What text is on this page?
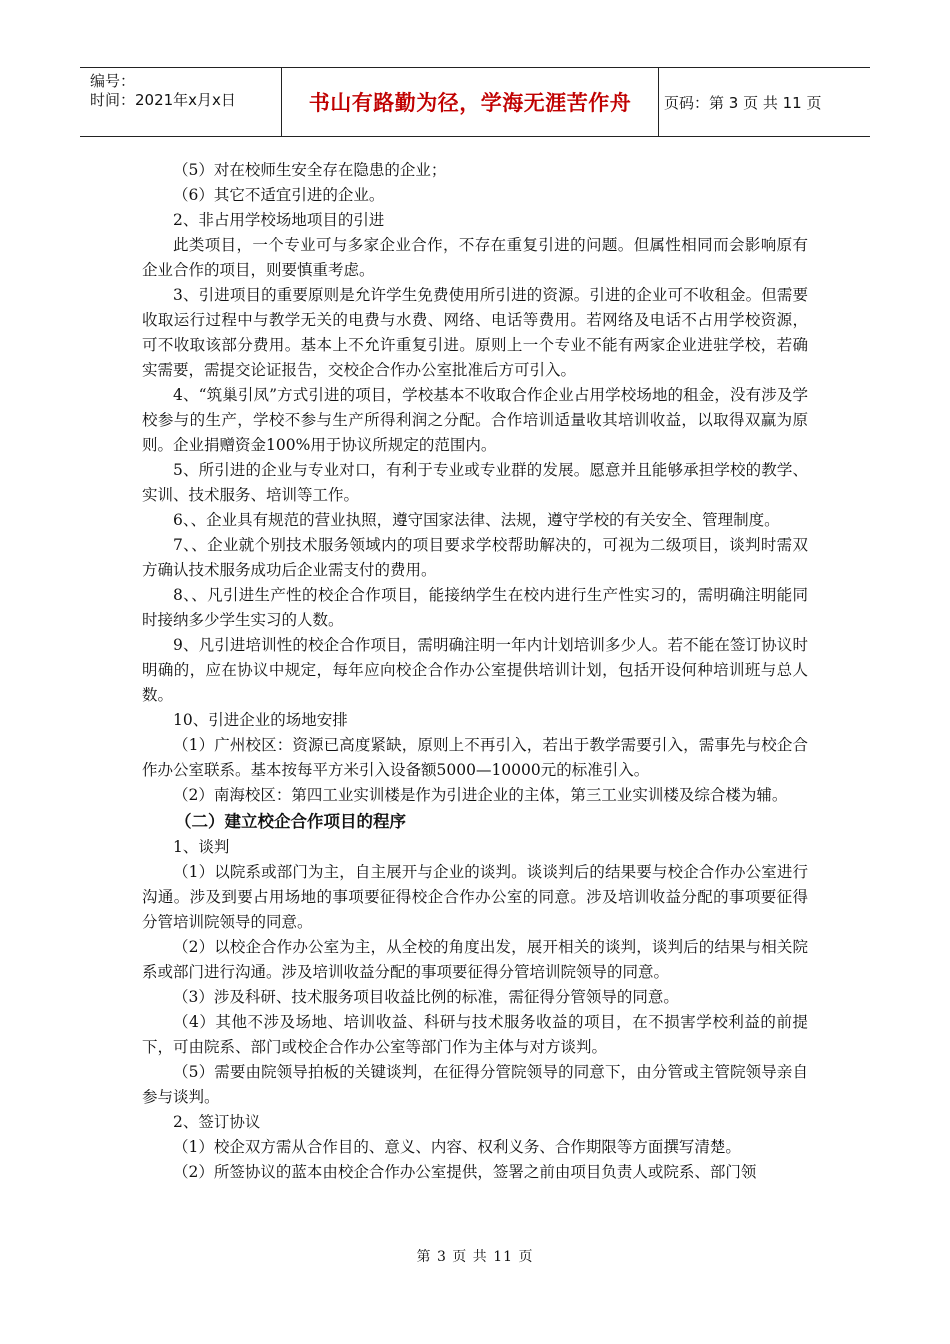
编号：
时间：2021年x月x日	书山有路勤为径，学海无涯苦作舟 页码：第 3 页 共 11 页

（5）对在校师生安全存在隐患的企业；

（6）其它不适宜引进的企业。

2、非占用学校场地项目的引进

此类项目，一个专业可与多家企业合作，不存在重复引进的问题。但属性相同而会影响原有企业合作的项目，则要慎重考虑。

3、引进项目的重要原则是允许学生免费使用所引进的资源。引进的企业可不收租金。但需要收取运行过程中与教学无关的电费与水费、网络、电话等费用。若网络及电话不占用学校资源，可不收取该部分费用。基本上不允许重复引进。原则上一个专业不能有两家企业进驻学校，若确实需要，需提交论证报告，交校企合作办公室批准后方可引入。

4、“筑巢引凤”方式引进的项目，学校基本不收取合作企业占用学校场地的租金，没有涉及学校参与的生产，学校不参与生产所得利润之分配。合作培训适量收其培训收益，以取得双赢为原则。企业捐赠资金100%用于协议所规定的范围内。

5、所引进的企业与专业对口，有利于专业或专业群的发展。愿意并且能够承担学校的教学、实训、技术服务、培训等工作。

6、、企业具有规范的营业执照，遵守国家法律、法规，遵守学校的有关安全、管理制度。

7、、企业就个别技术服务领域内的项目要求学校帮助解决的，可视为二级项目，谈判时需双方确认技术服务成功后企业需支付的费用。

8、、凡引进生产性的校企合作项目，能接纳学生在校内进行生产性实习的，需明确注明能同时接纳多少学生实习的人数。

9、凡引进培训性的校企合作项目，需明确注明一年内计划培训多少人。若不能在签订协议时明确的，应在协议中规定，每年应向校企合作办公室提供培训计划，包括开设何种培训班与总人数。

10、引进企业的场地安排

（1）广州校区：资源已高度紧缺，原则上不再引入，若出于教学需要引入，需事先与校企合作办公室联系。基本按每平方米引入设备额5000—10000元的标准引入。

（2）南海校区：第四工业实训楼是作为引进企业的主体，第三工业实训楼及综合楼为辅。

（二）建立校企合作项目的程序

1、谈判

（1）以院系或部门为主，自主展开与企业的谈判。谈谈判后的结果要与校企合作办公室进行沟通。涉及到要占用场地的事项要征得校企合作办公室的同意。涉及培训收益分配的事项要征得分管培训院领导的同意。

（2）以校企合作办公室为主，从全校的角度出发，展开相关的谈判，谈判后的结果与相关院系或部门进行沟通。涉及培训收益分配的事项要征得分管培训院领导的同意。

（3）涉及科研、技术服务项目收益比例的标准，需征得分管领导的同意。

（4）其他不涉及场地、培训收益、科研与技术服务收益的项目，在不损害学校利益的前提下，可由院系、部门或校企合作办公室等部门作为主体与对方谈判。

（5）需要由院领导拍板的关键谈判，在征得分管院领导的同意下，由分管或主管院领导亲自参与谈判。

2、签订协议

（1）校企双方需从合作目的、意义、内容、权利义务、合作期限等方面撰写清楚。

（2）所签协议的蓝本由校企合作办公室提供，签署之前由项目负责人或院系、部门领

第 3 页 共 11 页
